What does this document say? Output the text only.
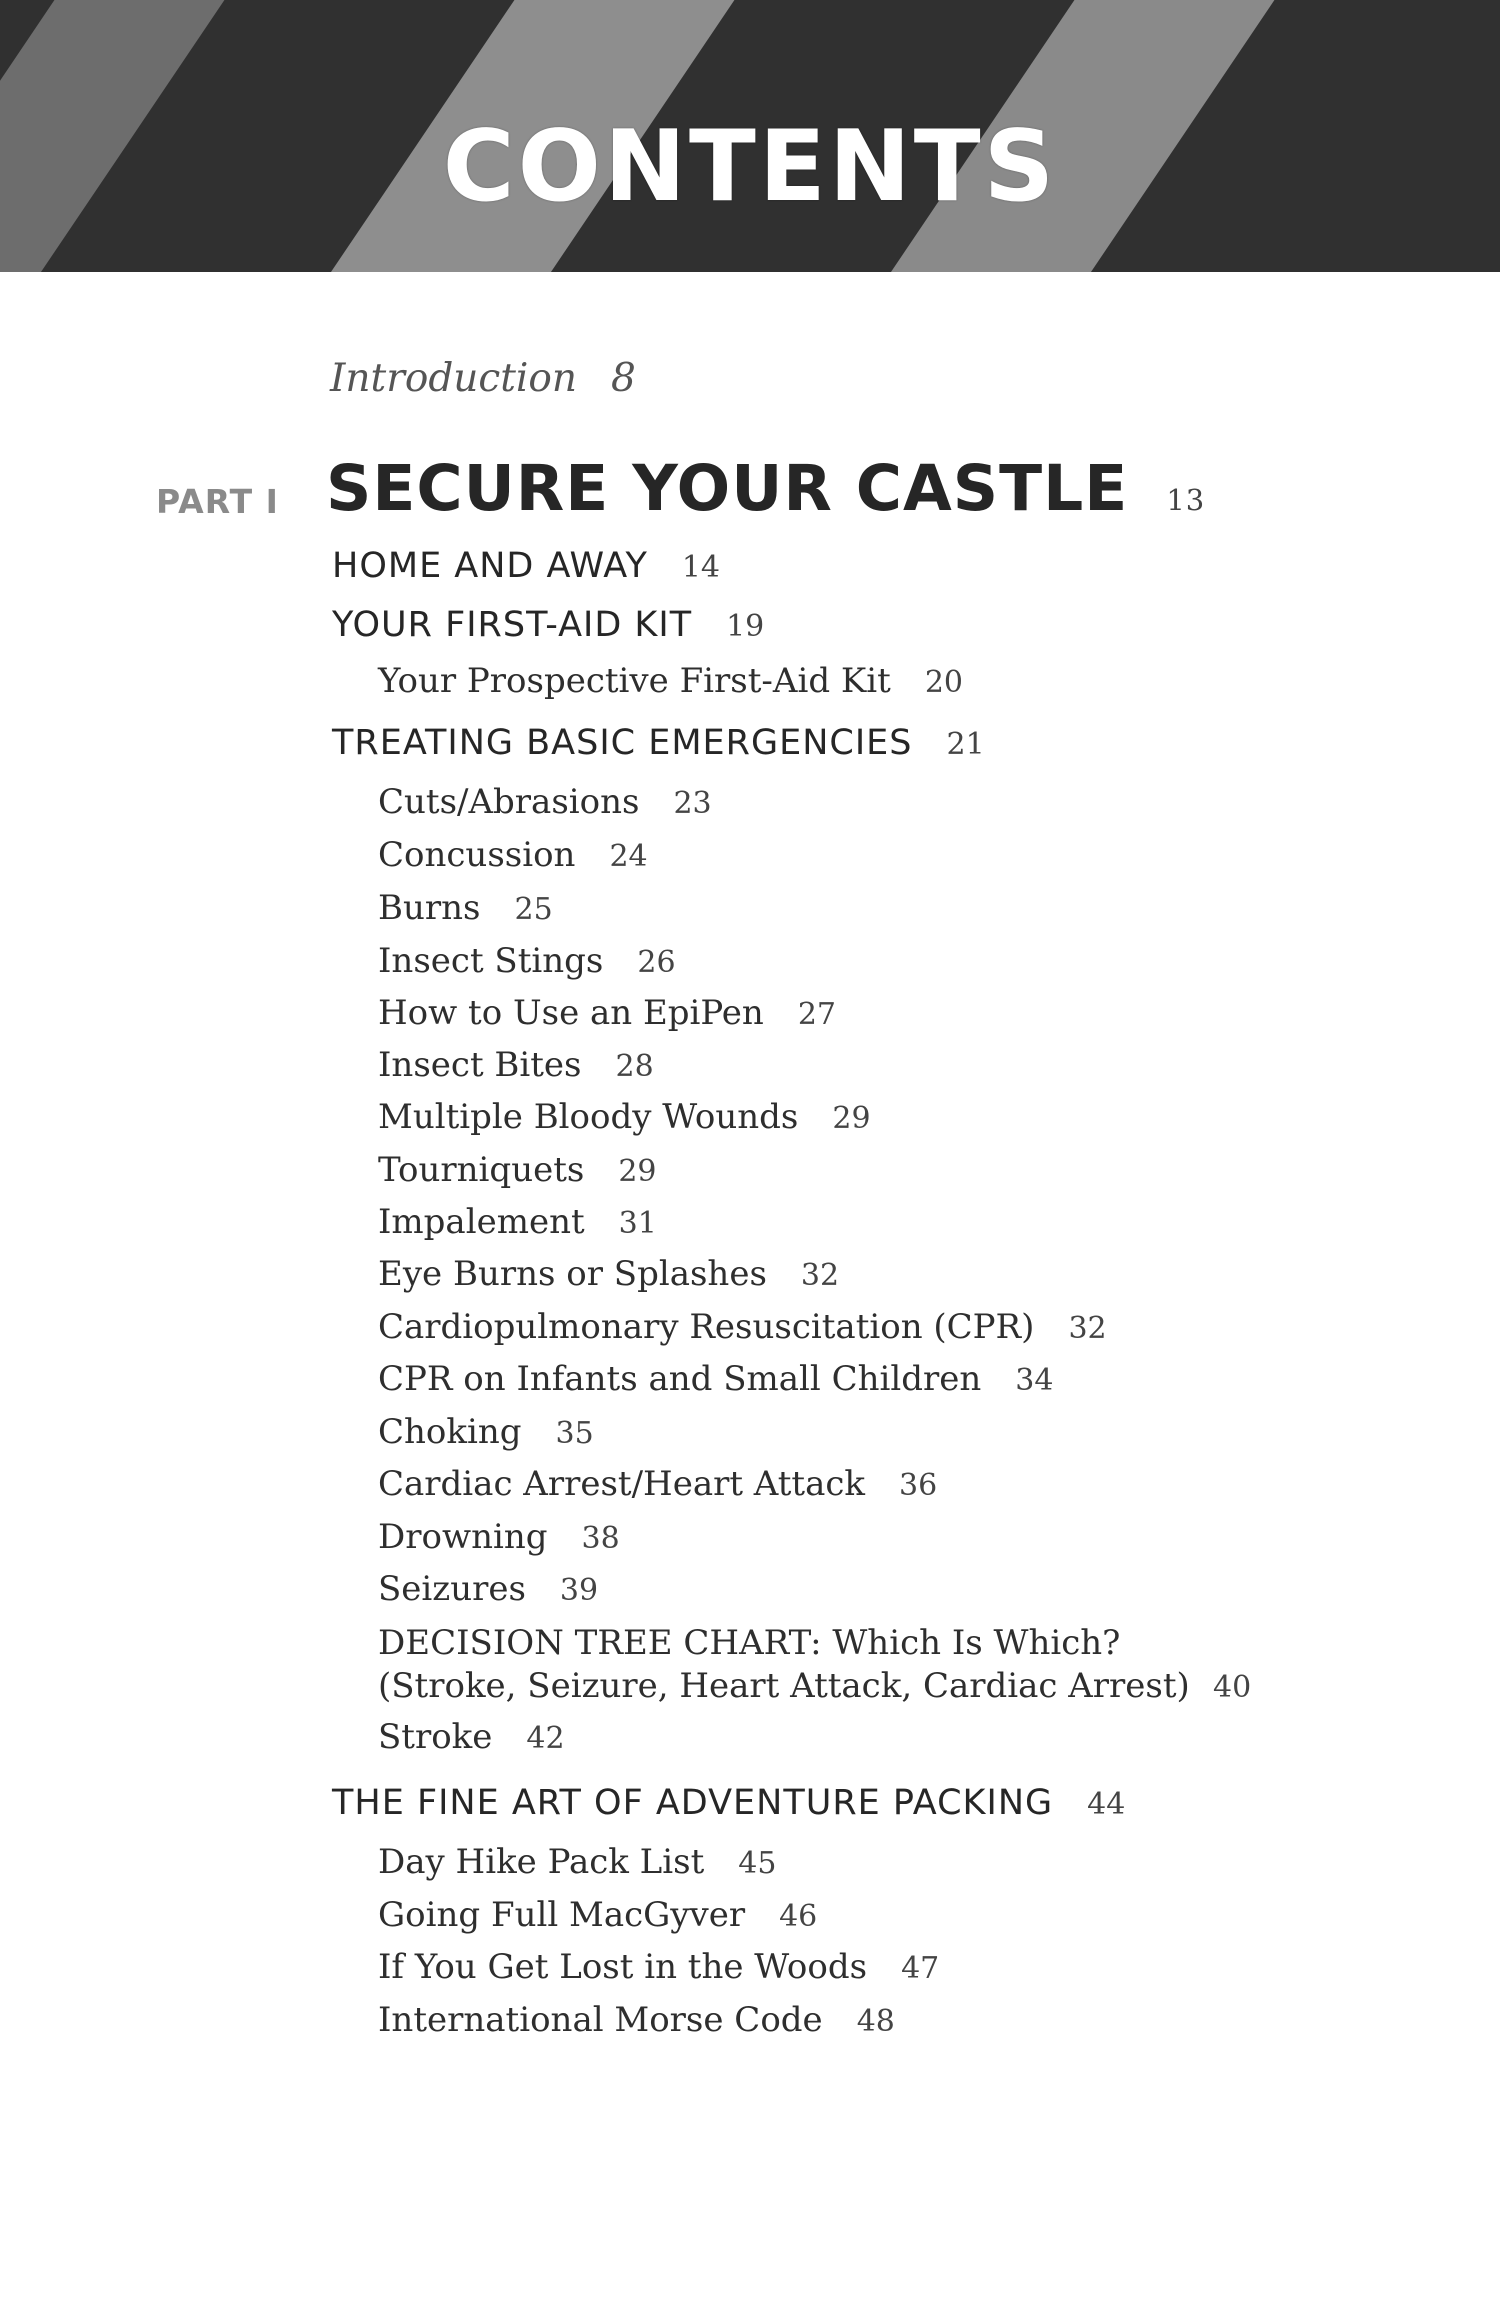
CONTENTS
Introduction 8
PART I SECURE YOUR CASTLE 13
HOME AND AWAY 14
YOUR FIRST-AID KIT 19
Your Prospective First-Aid Kit 20
TREATING BASIC EMERGENCIES 21
Cuts/Abrasions 23
Concussion 24
Burns 25
Insect Stings 26
How to Use an EpiPen 27
Insect Bites 28
Multiple Bloody Wounds 29
Tourniquets 29
Impalement 31
Eye Burns or Splashes 32
Cardiopulmonary Resuscitation (CPR) 32
CPR on Infants and Small Children 34
Choking 35
Cardiac Arrest/Heart Attack 36
Drowning 38
Seizures 39
DECISION TREE CHART: Which Is Which?
(Stroke, Seizure, Heart Attack, Cardiac Arrest) 40
Stroke 42
THE FINE ART OF ADVENTURE PACKING 44
Day Hike Pack List 45
Going Full MacGyver 46
If You Get Lost in the Woods 47
International Morse Code 48
